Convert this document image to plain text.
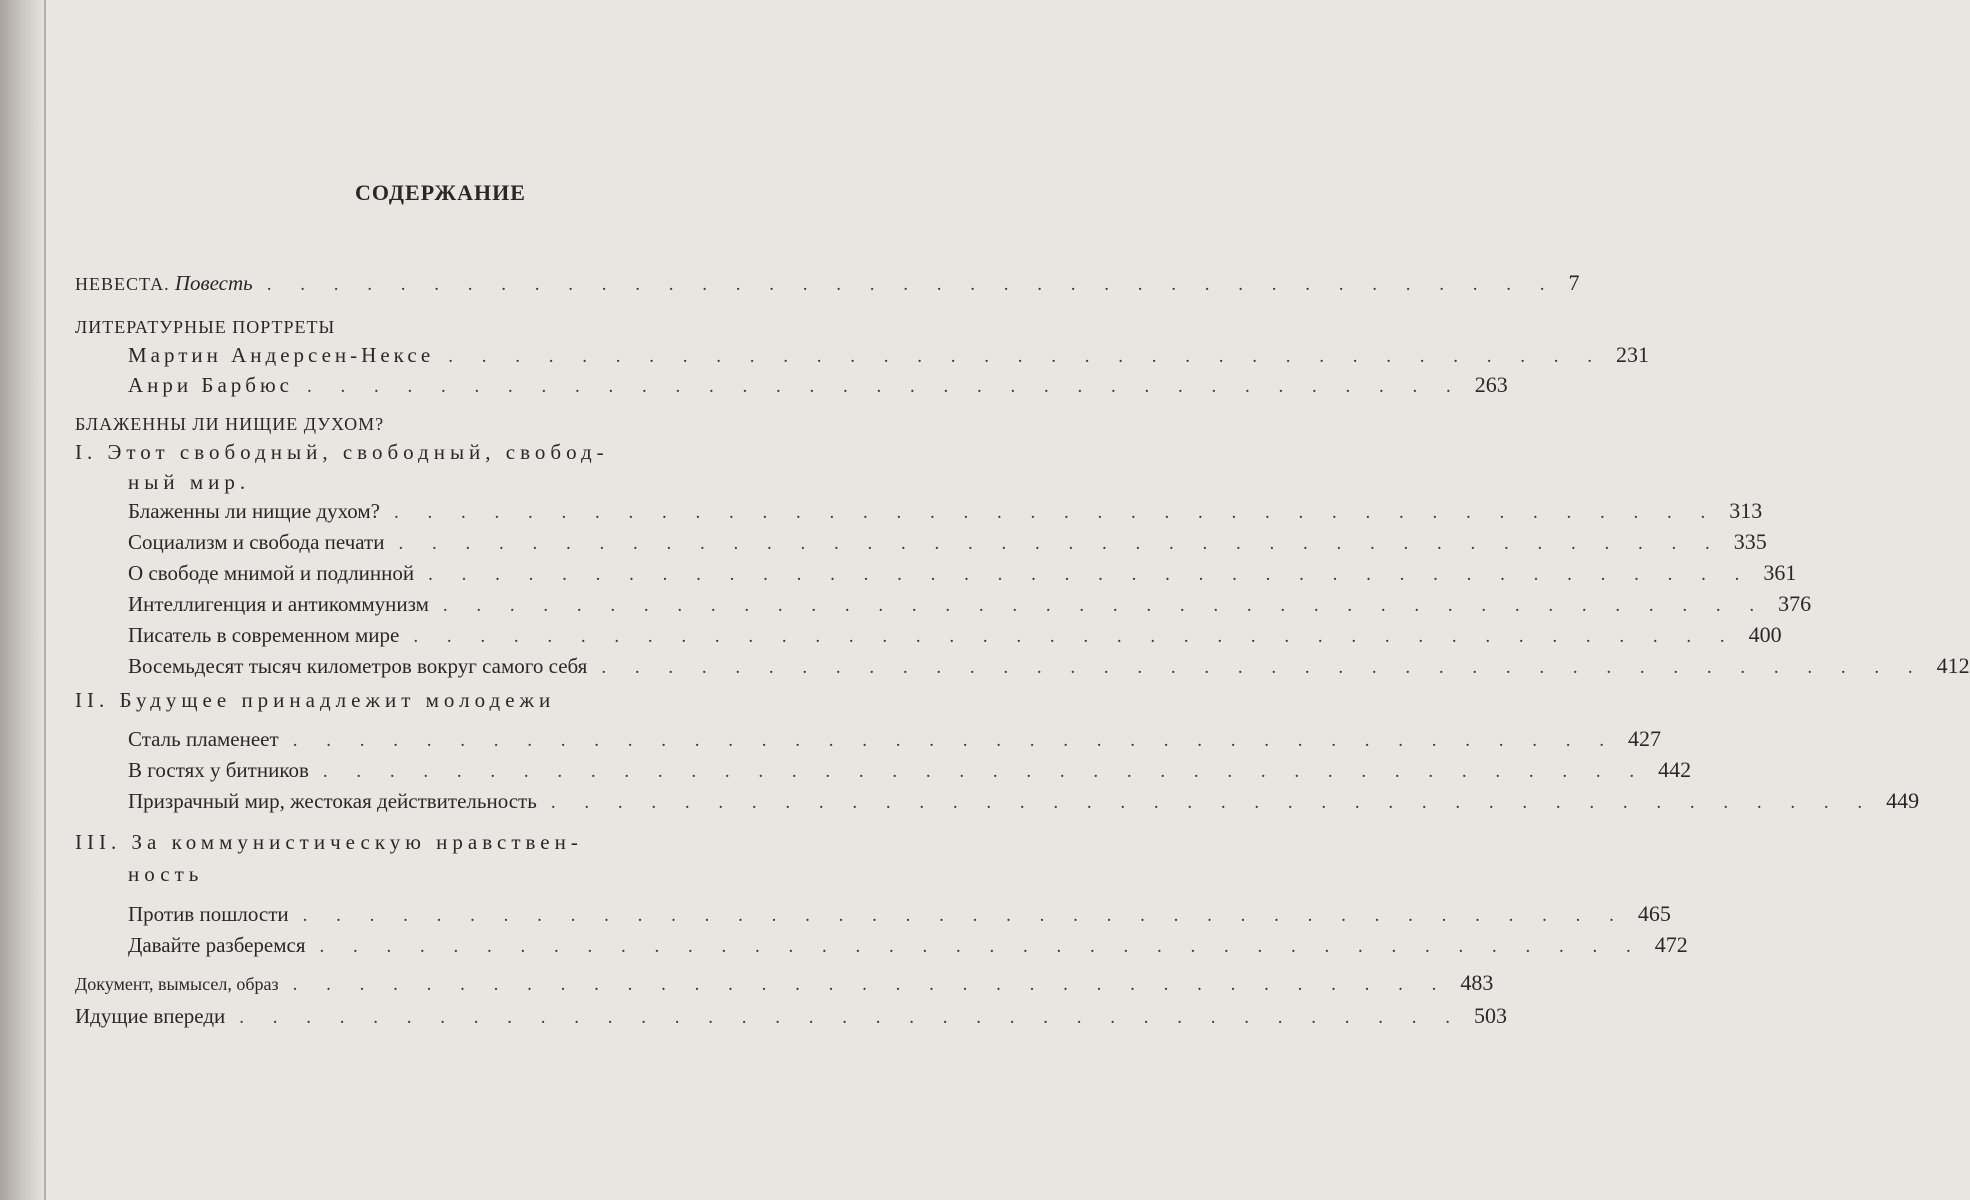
СОДЕРЖАНИЕ
НЕВЕСТА. Повесть . . . . . . . . . . . . . . . . . . . . . . . . . . . . . . . . . . . . . . . 7
ЛИТЕРАТУРНЫЕ ПОРТРЕТЫ
Мартин Андерсен-Нексе . . . . . . . . . . . . . . . . . . . . . . . . . . . . . . . . . . . 231
Анри Барбюс . . . . . . . . . . . . . . . . . . . . . . . . . . . . . . . . . . . 263
БЛАЖЕННЫ ЛИ НИЩИЕ ДУХОМ?
I. Этот свободный, свободный, свобод-
ный мир.
Блаженны ли нищие духом? . . . . . . . . . . . . . . . . . . . . . . . . . . . . . . . . . . . . . . . . 313
Социализм и свобода печати . . . . . . . . . . . . . . . . . . . . . . . . . . . . . . . . . . . . . . . . 335
О свободе мнимой и подлинной . . . . . . . . . . . . . . . . . . . . . . . . . . . . . . . . . . . . . . . . 361
Интеллигенция и антикоммунизм . . . . . . . . . . . . . . . . . . . . . . . . . . . . . . . . . . . . . . . . 376
Писатель в современном мире . . . . . . . . . . . . . . . . . . . . . . . . . . . . . . . . . . . . . . . . 400
Восемьдесят тысяч километров вокруг самого себя . . . . . . . . . . . . . . . . . . . . . . . . . . . . . . . . . . . . . . . . 412
II. Будущее принадлежит молодежи
Сталь пламенеет . . . . . . . . . . . . . . . . . . . . . . . . . . . . . . . . . . . . . . . . 427
В гостях у битников . . . . . . . . . . . . . . . . . . . . . . . . . . . . . . . . . . . . . . . . 442
Призрачный мир, жестокая действительность . . . . . . . . . . . . . . . . . . . . . . . . . . . . . . . . . . . . . . . . 449
III. За коммунистическую нравствен-
ность
Против пошлости . . . . . . . . . . . . . . . . . . . . . . . . . . . . . . . . . . . . . . . . 465
Давайте разберемся . . . . . . . . . . . . . . . . . . . . . . . . . . . . . . . . . . . . . . . . 472
Документ, вымысел, образ . . . . . . . . . . . . . . . . . . . . . . . . . . . . . . . . . . . 483
Идущие впереди . . . . . . . . . . . . . . . . . . . . . . . . . . . . . . . . . . . . . 503
